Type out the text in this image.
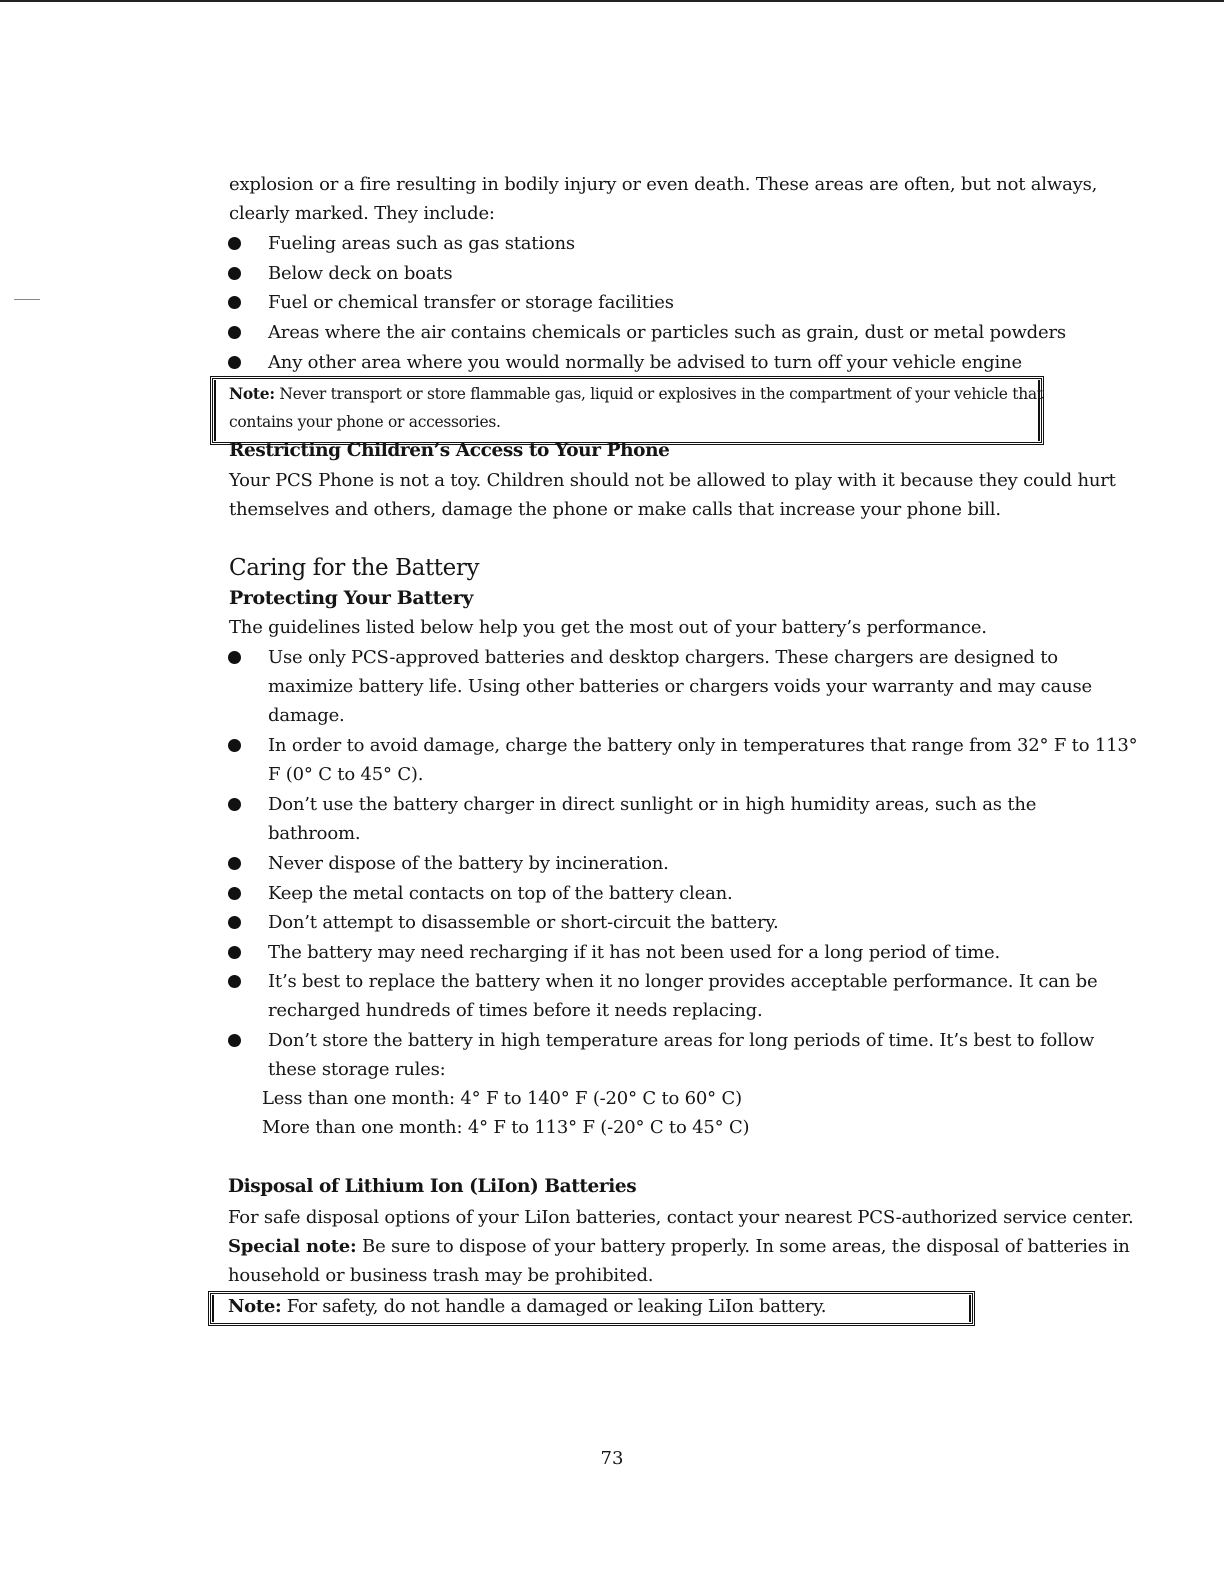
explosion or a fire resulting in bodily injury or even death. These areas are often, but not always,
clearly marked. They include:
Fueling areas such as gas stations
Below deck on boats
Fuel or chemical transfer or storage facilities
Areas where the air contains chemicals or particles such as grain, dust or metal powders
Any other area where you would normally be advised to turn off your vehicle engine
Note: Never transport or store flammable gas, liquid or explosives in the compartment of your vehicle that
contains your phone or accessories.
Restricting Children’s Access to Your Phone
Your PCS Phone is not a toy. Children should not be allowed to play with it because they could hurt
themselves and others, damage the phone or make calls that increase your phone bill.
Caring for the Battery
Protecting Your Battery
The guidelines listed below help you get the most out of your battery’s performance.
Use only PCS-approved batteries and desktop chargers. These chargers are designed to
maximize battery life. Using other batteries or chargers voids your warranty and may cause
damage.
In order to avoid damage, charge the battery only in temperatures that range from 32° F to 113°
F (0° C to 45° C).
Don’t use the battery charger in direct sunlight or in high humidity areas, such as the
bathroom.
Never dispose of the battery by incineration.
Keep the metal contacts on top of the battery clean.
Don’t attempt to disassemble or short-circuit the battery.
The battery may need recharging if it has not been used for a long period of time.
It’s best to replace the battery when it no longer provides acceptable performance. It can be
recharged hundreds of times before it needs replacing.
Don’t store the battery in high temperature areas for long periods of time. It’s best to follow
these storage rules:
Less than one month: 4° F to 140° F (-20° C to 60° C)
More than one month: 4° F to 113° F (-20° C to 45° C)
Disposal of Lithium Ion (LiIon) Batteries
For safe disposal options of your LiIon batteries, contact your nearest PCS-authorized service center.
Special note: Be sure to dispose of your battery properly. In some areas, the disposal of batteries in
household or business trash may be prohibited.
Note: For safety, do not handle a damaged or leaking LiIon battery.
73
